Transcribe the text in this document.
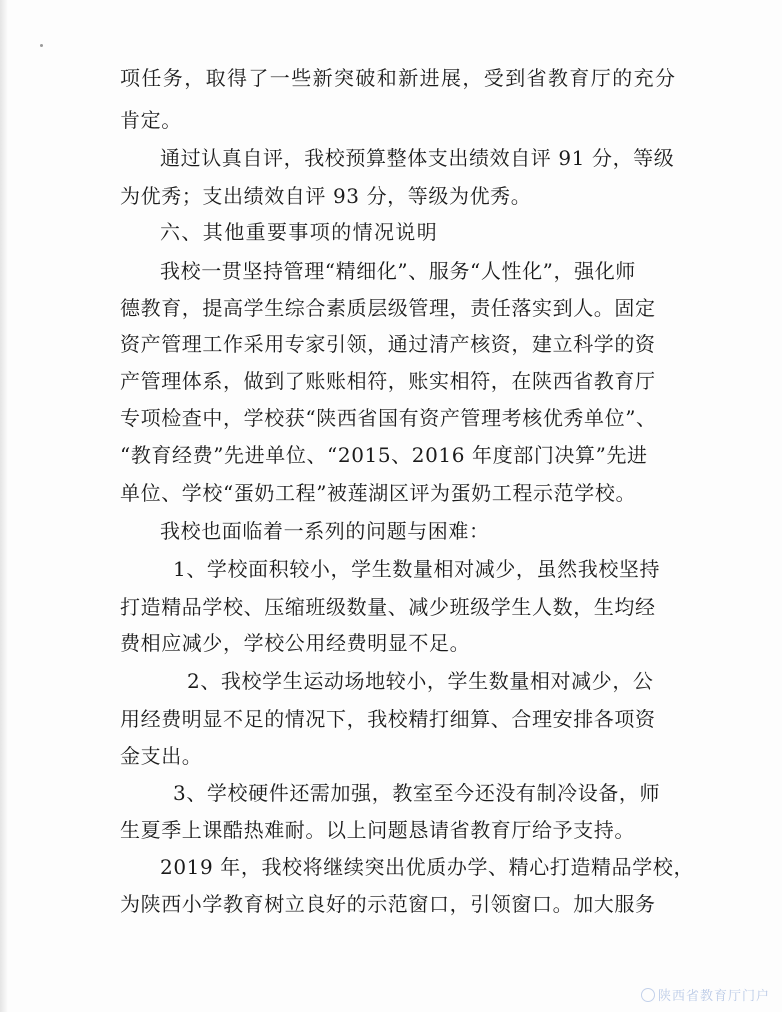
项任务，取得了一些新突破和新进展，受到省教育厅的充分
肯定。
通过认真自评，我校预算整体支出绩效自评 91 分，等级
为优秀；支出绩效自评 93 分，等级为优秀。
六、其他重要事项的情况说明
我校一贯坚持管理“精细化”、服务“人性化”，强化师
德教育，提高学生综合素质层级管理，责任落实到人。固定
资产管理工作采用专家引领，通过清产核资，建立科学的资
产管理体系，做到了账账相符，账实相符，在陕西省教育厅
专项检查中，学校获“陕西省国有资产管理考核优秀单位”、
“教育经费”先进单位、“2015、2016 年度部门决算”先进
单位、学校“蛋奶工程”被莲湖区评为蛋奶工程示范学校。
我校也面临着一系列的问题与困难：
1、学校面积较小，学生数量相对减少，虽然我校坚持
打造精品学校、压缩班级数量、减少班级学生人数，生均经
费相应减少，学校公用经费明显不足。
2、我校学生运动场地较小，学生数量相对减少，公
用经费明显不足的情况下，我校精打细算、合理安排各项资
金支出。
3、学校硬件还需加强，教室至今还没有制冷设备，师
生夏季上课酷热难耐。以上问题恳请省教育厅给予支持。
2019 年，我校将继续突出优质办学、精心打造精品学校，
为陕西小学教育树立良好的示范窗口，引领窗口。加大服务
陕西省教育厅门户
